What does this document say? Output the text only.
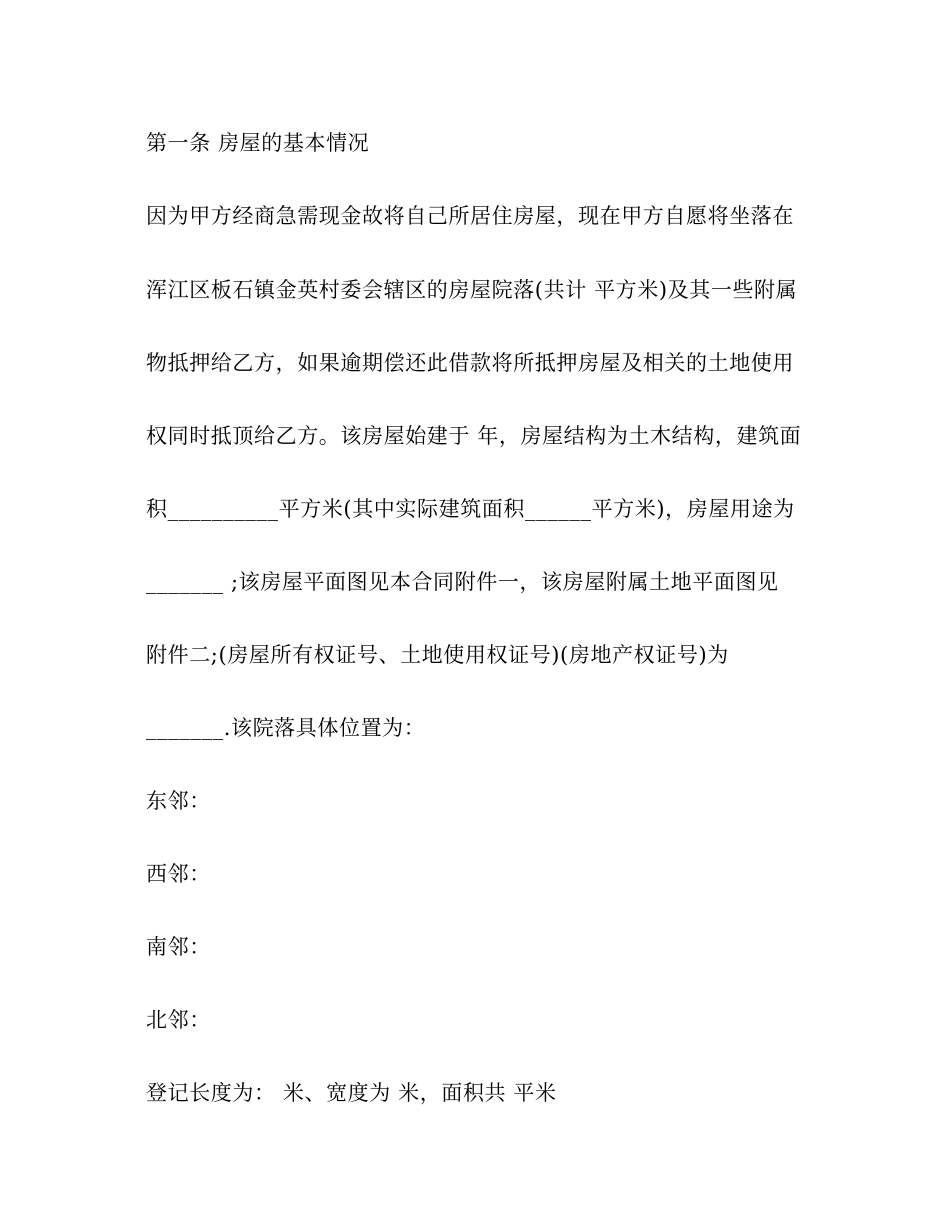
第一条 房屋的基本情况
因为甲方经商急需现金故将自己所居住房屋，现在甲方自愿将坐落在
浑江区板石镇金英村委会辖区的房屋院落(共计 平方米)及其一些附属
物抵押给乙方，如果逾期偿还此借款将所抵押房屋及相关的土地使用
权同时抵顶给乙方。该房屋始建于 年，房屋结构为土木结构，建筑面
积__________平方米(其中实际建筑面积______平方米)，房屋用途为
_______ ;该房屋平面图见本合同附件一，该房屋附属土地平面图见
附件二;(房屋所有权证号、土地使用权证号)(房地产权证号)为
_______.该院落具体位置为：
东邻：
西邻：
南邻：
北邻：
登记长度为： 米、宽度为 米，面积共 平米
